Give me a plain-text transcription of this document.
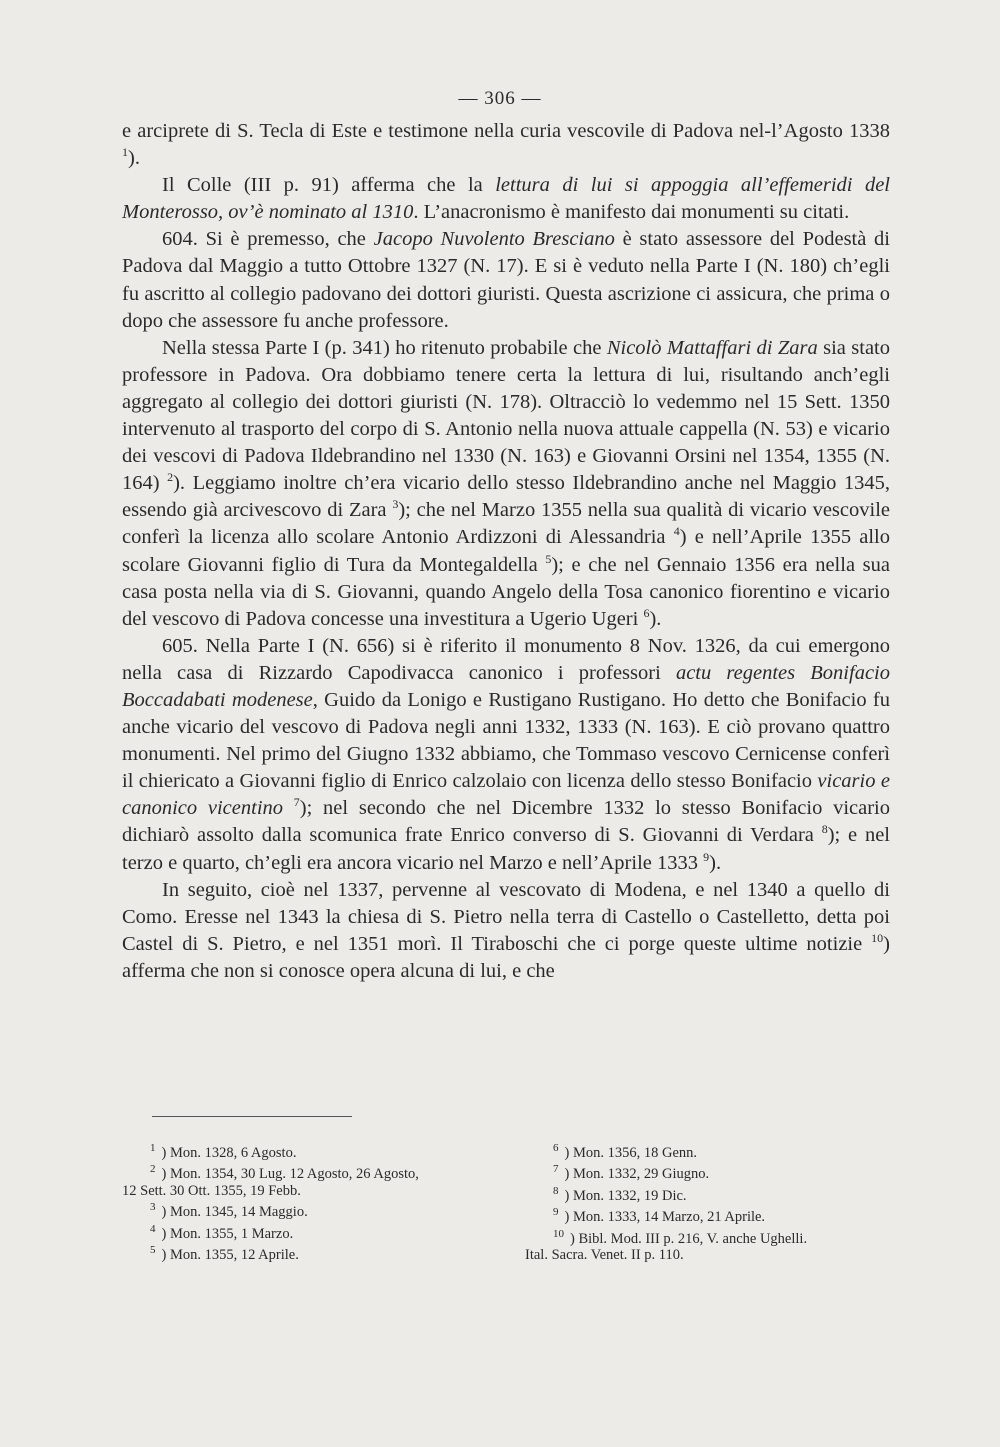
— 306 —

e arciprete di S. Tecla di Este e testimone nella curia vescovile di Padova nel-l’Agosto 1338 $^1$).

Il Colle (III p. 91) afferma che la lettura di lui si appoggia all’effemeridi del Monterosso, ov’è nominato al 1310. L’anacronismo è manifesto dai monumenti su citati.

604. Si è premesso, che Jacopo Nuvolento Bresciano è stato assessore del Podestà di Padova dal Maggio a tutto Ottobre 1327 (N. 17). E si è veduto nella Parte I (N. 180) ch’egli fu ascritto al collegio padovano dei dottori giuristi. Questa ascrizione ci assicura, che prima o dopo che assessore fu anche professore.

Nella stessa Parte I (p. 341) ho ritenuto probabile che Nicolò Mattaffari di Zara sia stato professore in Padova. Ora dobbiamo tenere certa la lettura di lui, risultando anch’egli aggregato al collegio dei dottori giuristi (N. 178). Oltracciò lo vedemmo nel 15 Sett. 1350 intervenuto al trasporto del corpo di S. Antonio nella nuova attuale cappella (N. 53) e vicario dei vescovi di Padova Ildebrandino nel 1330 (N. 163) e Giovanni Orsini nel 1354, 1355 (N. 164) $^2$). Leggiamo inoltre ch’era vicario dello stesso Ildebrandino anche nel Maggio 1345, essendo già arcivescovo di Zara $^3$); che nel Marzo 1355 nella sua qualità di vicario vescovile conferì la licenza allo scolare Antonio Ardizzoni di Alessandria $^4$) e nell’Aprile 1355 allo scolare Giovanni figlio di Tura da Montegaldella $^5$); e che nel Gennaio 1356 era nella sua casa posta nella via di S. Giovanni, quando Angelo della Tosa canonico fiorentino e vicario del vescovo di Padova concesse una investitura a Ugerio Ugeri $^6$).

605. Nella Parte I (N. 656) si è riferito il monumento 8 Nov. 1326, da cui emergono nella casa di Rizzardo Capodivacca canonico i professori actu regentes Bonifacio Boccadabati modenese, Guido da Lonigo e Rustigano Rustigano. Ho detto che Bonifacio fu anche vicario del vescovo di Padova negli anni 1332, 1333 (N. 163). E ciò provano quattro monumenti. Nel primo del Giugno 1332 abbiamo, che Tommaso vescovo Cernicense conferì il chiericato a Giovanni figlio di Enrico calzolaio con licenza dello stesso Bonifacio vicario e canonico vicentino $^7$); nel secondo che nel Dicembre 1332 lo stesso Bonifacio vicario dichiarò assolto dalla scomunica frate Enrico converso di S. Giovanni di Verdara $^8$); e nel terzo e quarto, ch’egli era ancora vicario nel Marzo e nell’Aprile 1333 $^9$).

In seguito, cioè nel 1337, pervenne al vescovato di Modena, e nel 1340 a quello di Como. Eresse nel 1343 la chiesa di S. Pietro nella terra di Castello o Castelletto, detta poi Castel di S. Pietro, e nel 1351 morì. Il Tiraboschi che ci porge queste ultime notizie $^{10}$) afferma che non si conosce opera alcuna di lui, e che

1 ) Mon. 1328, 6 Agosto.
2 ) Mon. 1354, 30 Lug. 12 Agosto, 26 Agosto,
12 Sett. 30 Ott. 1355, 19 Febb.
3 ) Mon. 1345, 14 Maggio.
4 ) Mon. 1355, 1 Marzo.
5 ) Mon. 1355, 12 Aprile.
6 ) Mon. 1356, 18 Genn.
7 ) Mon. 1332, 29 Giugno.
8 ) Mon. 1332, 19 Dic.
9 ) Mon. 1333, 14 Marzo, 21 Aprile.
10 ) Bibl. Mod. III p. 216, V. anche Ughelli.
Ital. Sacra. Venet. II p. 110.
